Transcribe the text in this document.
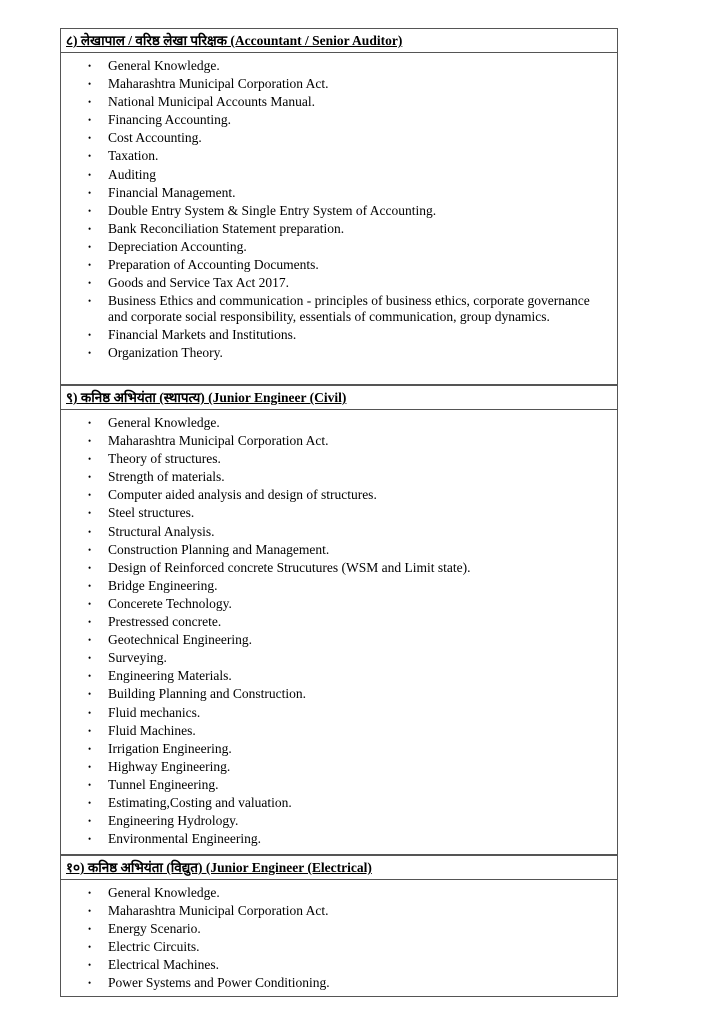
८) लेखापाल / वरिष्ठ लेखा परिक्षक (Accountant / Senior Auditor)
• General Knowledge.
• Maharashtra Municipal Corporation Act.
• National Municipal Accounts Manual.
• Financing Accounting.
• Cost Accounting.
• Taxation.
• Auditing
• Financial Management.
• Double Entry System & Single Entry System of Accounting.
• Bank Reconciliation Statement preparation.
• Depreciation Accounting.
• Preparation of Accounting Documents.
• Goods and Service Tax Act 2017.
• Business Ethics and communication - principles of business ethics, corporate governance and corporate social responsibility, essentials of communication, group dynamics.
• Financial Markets and Institutions.
• Organization Theory.
९) कनिष्ठ अभियंता (स्थापत्य) (Junior Engineer (Civil)
• General Knowledge.
• Maharashtra Municipal Corporation Act.
• Theory of structures.
• Strength of materials.
• Computer aided analysis and design of structures.
• Steel structures.
• Structural Analysis.
• Construction Planning and Management.
• Design of Reinforced concrete Strucutures (WSM and Limit state).
• Bridge Engineering.
• Concerete Technology.
• Prestressed concrete.
• Geotechnical Engineering.
• Surveying.
• Engineering Materials.
• Building Planning and Construction.
• Fluid mechanics.
• Fluid Machines.
• Irrigation Engineering.
• Highway Engineering.
• Tunnel Engineering.
• Estimating,Costing and valuation.
• Engineering Hydrology.
• Environmental Engineering.
१०) कनिष्ठ अभियंता (विद्युत) (Junior Engineer (Electrical)
• General Knowledge.
• Maharashtra Municipal Corporation Act.
• Energy Scenario.
• Electric Circuits.
• Electrical Machines.
• Power Systems and Power Conditioning.
